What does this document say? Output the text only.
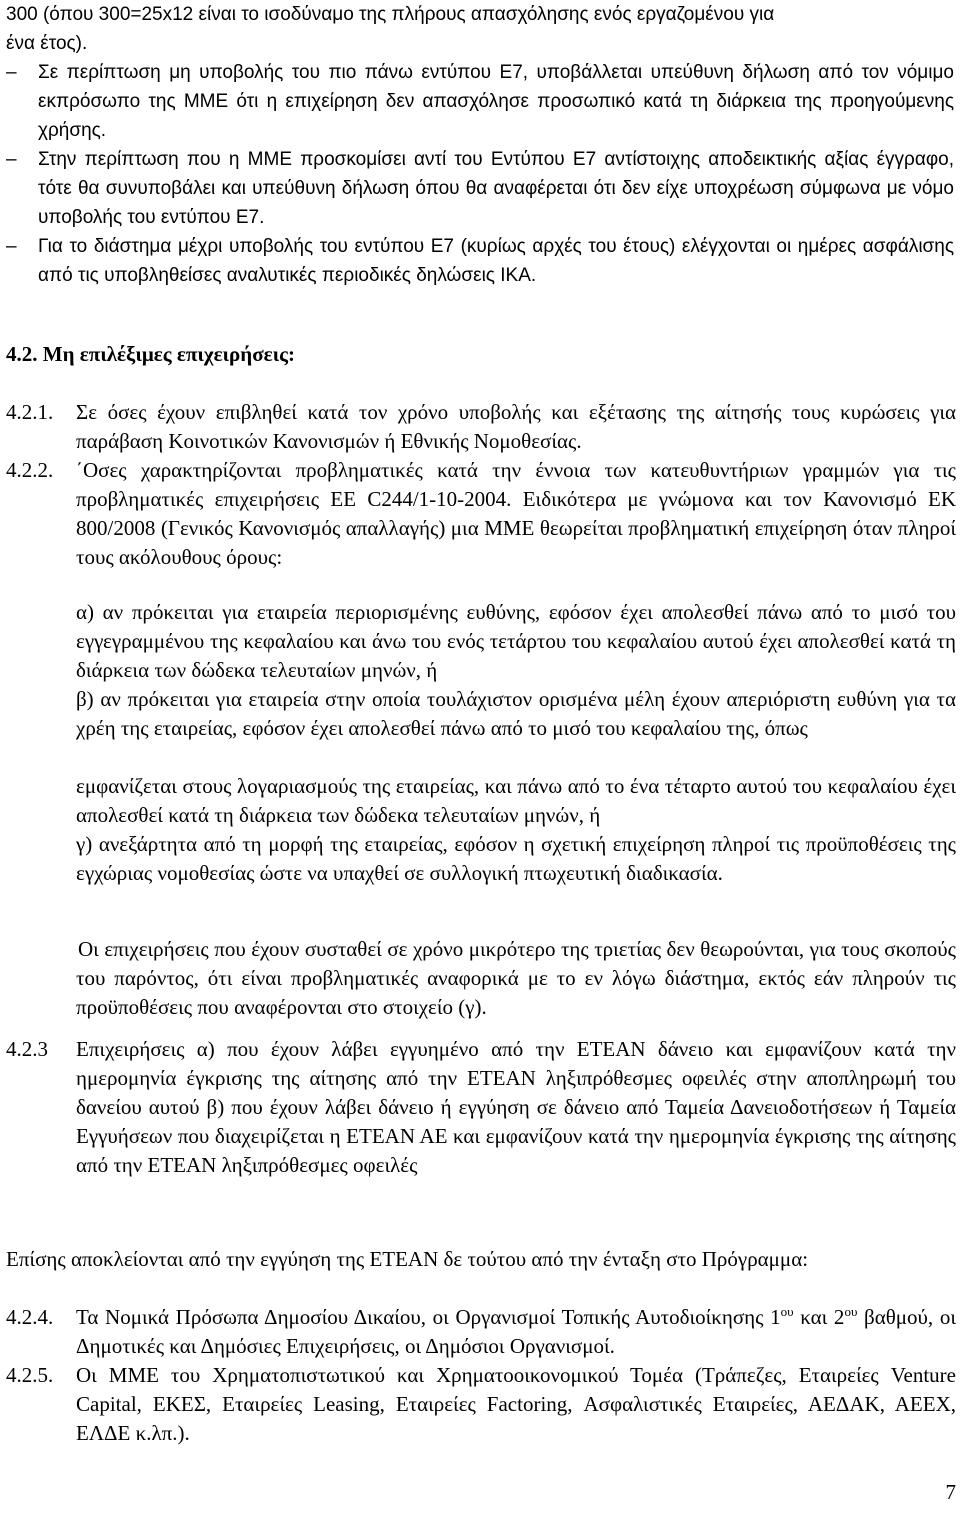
300 (όπου 300=25x12 είναι το ισοδύναμο της πλήρους απασχόλησης ενός εργαζομένου για
ένα έτος).
–	Σε περίπτωση μη υποβολής του πιο πάνω εντύπου Ε7, υποβάλλεται υπεύθυνη δήλωση από τον νόμιμο εκπρόσωπο της ΜΜΕ ότι η επιχείρηση δεν απασχόλησε προσωπικό κατά τη διάρκεια της προηγούμενης χρήσης.
–	Στην περίπτωση που η ΜΜΕ προσκομίσει αντί του Εντύπου Ε7 αντίστοιχης αποδεικτικής αξίας έγγραφο, τότε θα συνυποβάλει και υπεύθυνη δήλωση όπου θα αναφέρεται ότι δεν είχε υποχρέωση σύμφωνα με νόμο υποβολής του εντύπου Ε7.
–	Για το διάστημα μέχρι υποβολής του εντύπου Ε7 (κυρίως αρχές του έτους) ελέγχονται οι ημέρες ασφάλισης από τις υποβληθείσες αναλυτικές περιοδικές δηλώσεις ΙΚΑ.
4.2. Μη επιλέξιμες επιχειρήσεις:
4.2.1. Σε όσες έχουν επιβληθεί κατά τον χρόνο υποβολής και εξέτασης της αίτησής τους κυρώσεις για παράβαση Κοινοτικών Κανονισμών ή Εθνικής Νομοθεσίας.
4.2.2. ΄Οσες χαρακτηρίζονται προβληματικές κατά την έννοια των κατευθυντήριων γραμμών για τις προβληματικές επιχειρήσεις ΕΕ C244/1-10-2004. Ειδικότερα με γνώμονα και τον Κανονισμό ΕΚ 800/2008 (Γενικός Κανονισμός απαλλαγής) μια ΜΜΕ θεωρείται προβληματική επιχείρηση όταν πληροί τους ακόλουθους όρους:
α) αν πρόκειται για εταιρεία περιορισμένης ευθύνης, εφόσον έχει απολεσθεί πάνω από το μισό του εγγεγραμμένου της κεφαλαίου και άνω του ενός τετάρτου του κεφαλαίου αυτού έχει απολεσθεί κατά τη διάρκεια των δώδεκα τελευταίων μηνών, ή
β) αν πρόκειται για εταιρεία στην οποία τουλάχιστον ορισμένα μέλη έχουν απεριόριστη ευθύνη για τα χρέη της εταιρείας, εφόσον έχει απολεσθεί πάνω από το μισό του κεφαλαίου της, όπως
εμφανίζεται στους λογαριασμούς της εταιρείας, και πάνω από το ένα τέταρτο αυτού του κεφαλαίου έχει απολεσθεί κατά τη διάρκεια των δώδεκα τελευταίων μηνών, ή
γ) ανεξάρτητα από τη μορφή της εταιρείας, εφόσον η σχετική επιχείρηση πληροί τις προϋποθέσεις της εγχώριας νομοθεσίας ώστε να υπαχθεί σε συλλογική πτωχευτική διαδικασία.
Οι επιχειρήσεις που έχουν συσταθεί σε χρόνο μικρότερο της τριετίας δεν θεωρούνται, για τους σκοπούς του παρόντος, ότι είναι προβληματικές αναφορικά με το εν λόγω διάστημα, εκτός εάν πληρούν τις προϋποθέσεις που αναφέρονται στο στοιχείο (γ).
4.2.3 Επιχειρήσεις α) που έχουν λάβει εγγυημένο από την ΕΤΕΑΝ δάνειο και εμφανίζουν κατά την ημερομηνία έγκρισης της αίτησης από την ΕΤΕΑΝ ληξιπρόθεσμες οφειλές στην αποπληρωμή του δανείου αυτού β) που έχουν λάβει δάνειο ή εγγύηση σε δάνειο από Ταμεία Δανειοδοτήσεων ή Ταμεία Εγγυήσεων που διαχειρίζεται η ΕΤΕΑΝ ΑΕ και εμφανίζουν κατά την ημερομηνία έγκρισης της αίτησης από την ΕΤΕΑΝ ληξιπρόθεσμες οφειλές
Επίσης αποκλείονται από την εγγύηση της ΕΤΕΑΝ δε τούτου από την ένταξη στο Πρόγραμμα:
4.2.4. Τα Νομικά Πρόσωπα Δημοσίου Δικαίου, οι Οργανισμοί Τοπικής Αυτοδιοίκησης $1^{o\upsilon}$ και $2^{o\upsilon}$ βαθμού, οι Δημοτικές και Δημόσιες Επιχειρήσεις, οι Δημόσιοι Οργανισμοί.
4.2.5. Οι ΜΜΕ του Χρηματοπιστωτικού και Χρηματοοικονομικού Τομέα (Τράπεζες, Εταιρείες Venture Capital, ΕΚΕΣ, Εταιρείες Leasing, Εταιρείες Factoring, Ασφαλιστικές Εταιρείες, ΑΕΔΑΚ, ΑΕΕΧ, ΕΛΔΕ κ.λπ.).
7
